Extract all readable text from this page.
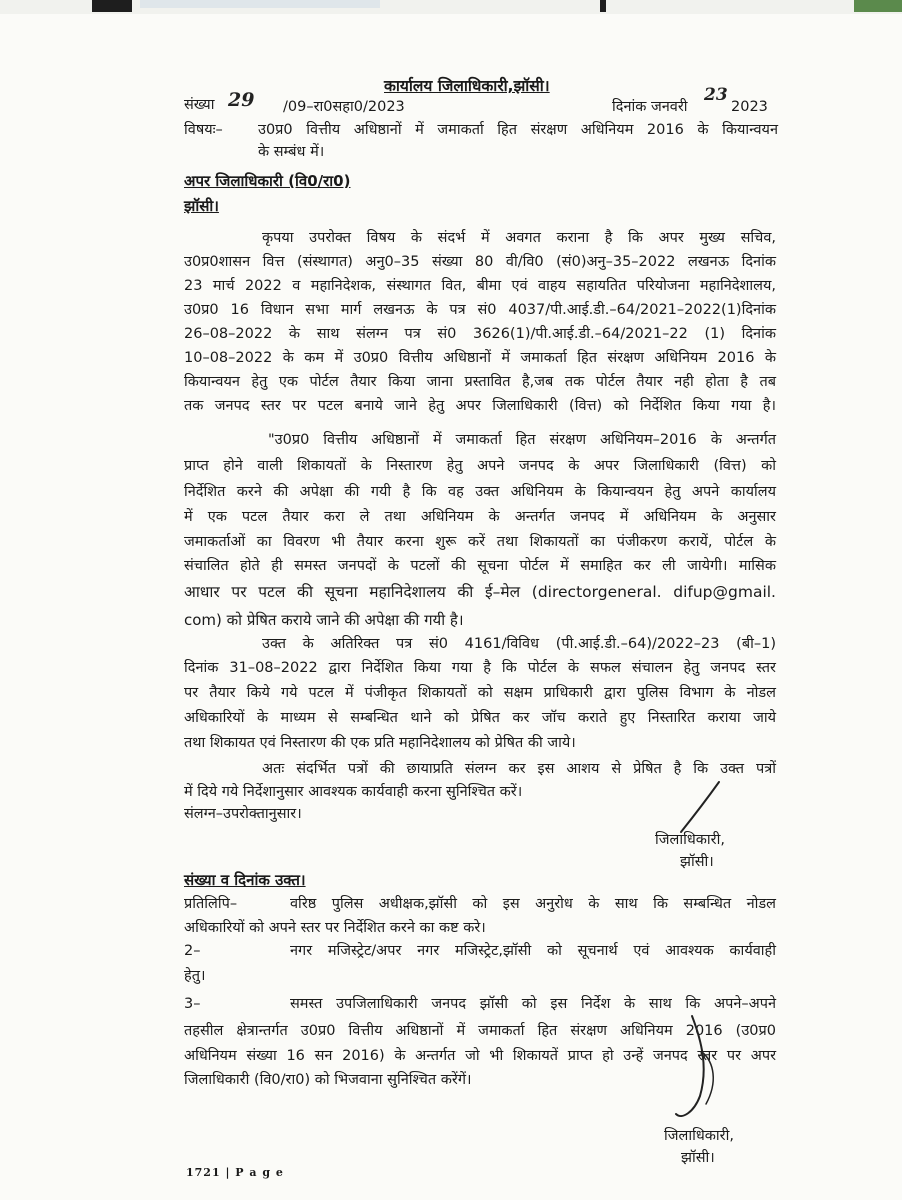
कार्यालय जिलाधिकारी,झॉसी।
संख्या 29 /09–रा0सहा0/2023	दिनांक जनवरी
23
2023
विषयः– उ0प्र0 वित्तीय अधिष्ठानों में जमाकर्ता हित संरक्षण अधिनियम 2016 के कियान्वयन
के सम्बंध में।
अपर जिलाधिकारी (वि0/रा0)
झॉसी।
कृपया उपरोक्त विषय के संदर्भ में अवगत कराना है कि अपर मुख्य सचिव,
उ0प्र0शासन वित्त (संस्थागत) अनु0–35 संख्या 80 वी/वि0 (सं0)अनु–35–2022 लखनऊ दिनांक
23 मार्च 2022 व महानिदेशक, संस्थागत वित, बीमा एवं वाहय सहायतित परियोजना महानिदेशालय,
उ0प्र0 16 विधान सभा मार्ग लखनऊ के पत्र सं0 4037/पी.आई.डी.–64/2021–2022(1)दिनांक
26–08–2022 के साथ संलग्न पत्र सं0 3626(1)/पी.आई.डी.–64/2021–22 (1) दिनांक
10–08–2022 के कम में उ0प्र0 वित्तीय अधिष्ठानों में जमाकर्ता हित संरक्षण अधिनियम 2016 के
कियान्वयन हेतु एक पोर्टल तैयार किया जाना प्रस्तावित है,जब तक पोर्टल तैयार नही होता है तब
तक जनपद स्तर पर पटल बनाये जाने हेतु अपर जिलाधिकारी (वित्त) को निर्देशित किया गया है।
"उ0प्र0 वित्तीय अधिष्ठानों में जमाकर्ता हित संरक्षण अधिनियम–2016 के अन्तर्गत
प्राप्त होने वाली शिकायतों के निस्तारण हेतु अपने जनपद के अपर जिलाधिकारी (वित्त) को
निर्देशित करने की अपेक्षा की गयी है कि वह उक्त अधिनियम के कियान्वयन हेतु अपने कार्यालय
में एक पटल तैयार करा ले तथा अधिनियम के अन्तर्गत जनपद में अधिनियम के अनुसार
जमाकर्ताओं का विवरण भी तैयार करना शुरू करें तथा शिकायतों का पंजीकरण करायें, पोर्टल के
संचालित होते ही समस्त जनपदों के पटलों की सूचना पोर्टल में समाहित कर ली जायेगी। मासिक
आधार पर पटल की सूचना महानिदेशालय की ई–मेल (directorgeneral. difup@gmail.
com) को प्रेषित कराये जाने की अपेक्षा की गयी है।
उक्त के अतिरिक्त पत्र सं0 4161/विविध (पी.आई.डी.–64)/2022–23 (बी–1)
दिनांक 31–08–2022 द्वारा निर्देशित किया गया है कि पोर्टल के सफल संचालन हेतु जनपद स्तर
पर तैयार किये गये पटल में पंजीकृत शिकायतों को सक्षम प्राधिकारी द्वारा पुलिस विभाग के नोडल
अधिकारियों के माध्यम से सम्बन्धित थाने को प्रेषित कर जॉच कराते हुए निस्तारित कराया जाये
तथा शिकायत एवं निस्तारण की एक प्रति महानिदेशालय को प्रेषित की जाये।
अतः संदर्भित पत्रों की छायाप्रति संलग्न कर इस आशय से प्रेषित है कि उक्त पत्रों
में दिये गये निर्देशानुसार आवश्यक कार्यवाही करना सुनिश्चित करें।
संलग्न–उपरोक्तानुसार।
जिलाधिकारी,
झॉसी।
संख्या व दिनांक उक्त।
प्रतिलिपि–	वरिष्ठ पुलिस अधीक्षक,झॉसी को इस अनुरोध के साथ कि सम्बन्धित नोडल
अधिकारियों को अपने स्तर पर निर्देशित करने का कष्ट करे।
2–	नगर मजिस्ट्रेट/अपर नगर मजिस्ट्रेट,झॉसी को सूचनार्थ एवं आवश्यक कार्यवाही
हेतु।
3–	समस्त उपजिलाधिकारी जनपद झॉसी को इस निर्देश के साथ कि अपने–अपने
तहसील क्षेत्रान्तर्गत उ0प्र0 वित्तीय अधिष्ठानों में जमाकर्ता हित संरक्षण अधिनियम 2016 (उ0प्र0
अधिनियम संख्या 16 सन 2016) के अन्तर्गत जो भी शिकायतें प्राप्त हो उन्हें जनपद स्तर पर अपर
जिलाधिकारी (वि0/रा0) को भिजवाना सुनिश्चित करेंगें।
जिलाधिकारी,
झॉसी।
1721 | P a g e
